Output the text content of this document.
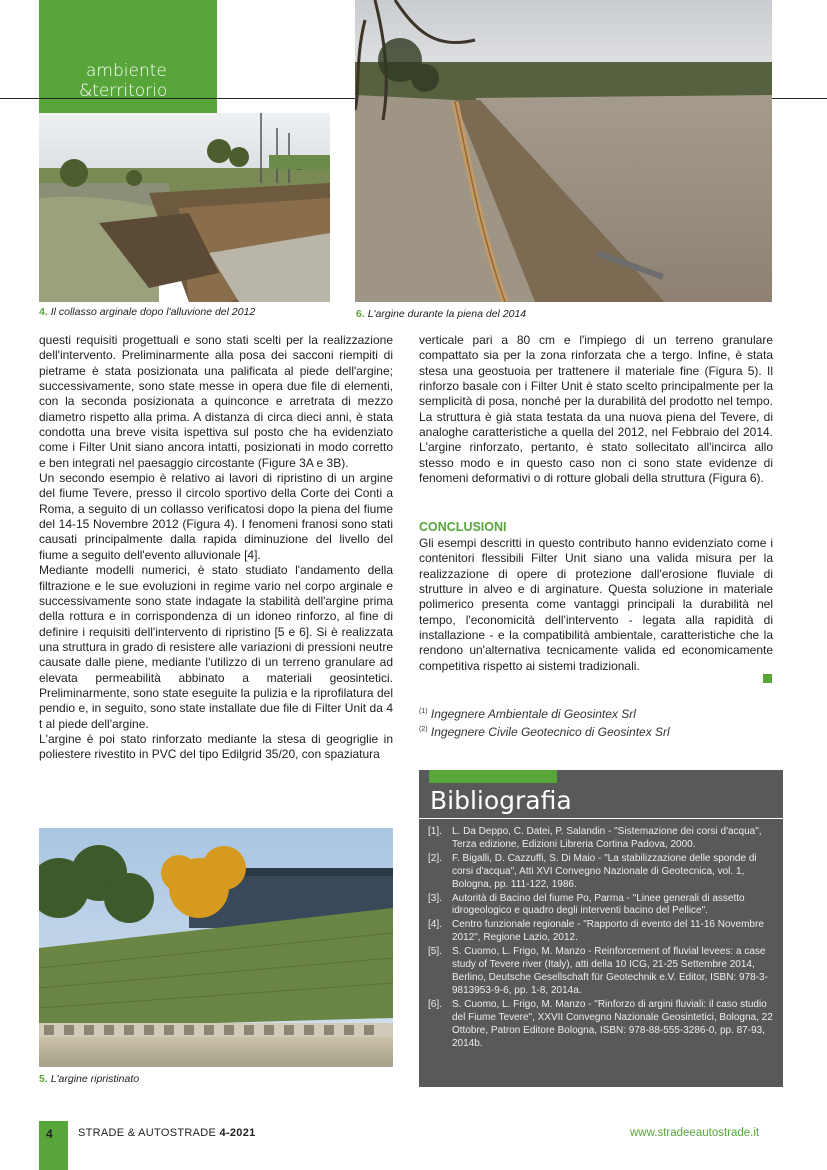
ambiente
&territorio
4. Il collasso arginale dopo l'alluvione del 2012	6. L'argine durante la piena del 2014

questi requisiti progettuali e sono stati scelti per la realizzazione dell'intervento. Preliminarmente alla posa dei sacconi riempiti di pietrame è stata posizionata una palificata al piede dell'argine; successivamente, sono state messe in opera due file di elementi, con la seconda posizionata a quinconce e arretrata di mezzo diametro rispetto alla prima. A distanza di circa dieci anni, è stata condotta una breve visita ispettiva sul posto che ha evidenziato come i Filter Unit siano ancora intatti, posizionati in modo corretto e ben integrati nel paesaggio circostante (Figure 3A e 3B).

Un secondo esempio è relativo ai lavori di ripristino di un argine del fiume Tevere, presso il circolo sportivo della Corte dei Conti a Roma, a seguito di un collasso verificatosi dopo la piena del fiume del 14-15 Novembre 2012 (Figura 4). I fenomeni franosi sono stati causati principalmente dalla rapida diminuzione del livello del fiume a seguito dell'evento alluvionale [4].

Mediante modelli numerici, è stato studiato l'andamento della filtrazione e le sue evoluzioni in regime vario nel corpo arginale e successivamente sono state indagate la stabilità dell'argine prima della rottura e in corrispondenza di un idoneo rinforzo, al fine di definire i requisiti dell'intervento di ripristino [5 e 6]. Si è realizzata una struttura in grado di resistere alle variazioni di pressioni neutre causate dalle piene, mediante l'utilizzo di un terreno granulare ad elevata permeabilità abbinato a materiali geosintetici. Preliminarmente, sono state eseguite la pulizia e la riprofilatura del pendio e, in seguito, sono state installate due file di Filter Unit da 4 t al piede dell'argine.

L'argine è poi stato rinforzato mediante la stesa di geogriglie in poliestere rivestito in PVC del tipo Edilgrid 35/20, con spaziatura

verticale pari a 80 cm e l'impiego di un terreno granulare compattato sia per la zona rinforzata che a tergo. Infine, è stata stesa una geostuoia per trattenere il materiale fine (Figura 5). Il rinforzo basale con i Filter Unit è stato scelto principalmente per la semplicità di posa, nonché per la durabilità del prodotto nel tempo. La struttura è già stata testata da una nuova piena del Tevere, di analoghe caratteristiche a quella del 2012, nel Febbraio del 2014. L'argine rinforzato, pertanto, è stato sollecitato all'incirca allo stesso modo e in questo caso non ci sono state evidenze di fenomeni deformativi o di rotture globali della struttura (Figura 6).

CONCLUSIONI

Gli esempi descritti in questo contributo hanno evidenziato come i contenitori flessibili Filter Unit siano una valida misura per la realizzazione di opere di protezione dall'erosione fluviale di strutture in alveo e di arginature. Questa soluzione in materiale polimerico presenta come vantaggi principali la durabilità nel tempo, l'economicità dell'intervento - legata alla rapidità di installazione - e la compatibilità ambientale, caratteristiche che la rendono un'alternativa tecnicamente valida ed economicamente competitiva rispetto ai sistemi tradizionali.

$^{(1)}$ Ingegnere Ambientale di Geosintex Srl
$^{(2)}$ Ingegnere Civile Geotecnico di Geosintex Srl
5. L'argine ripristinato
Bibliografia
[1].	L. Da Deppo, C. Datei, P. Salandin - "Sistemazione dei corsi d'acqua", Terza edizione, Edizioni Libreria Cortina Padova, 2000.
[2].	F. Bigalli, D. Cazzuffi, S. Di Maio - "La stabilizzazione delle sponde di corsi d'acqua", Atti XVI Convegno Nazionale di Geotecnica, vol. 1, Bologna, pp. 111-122, 1986.
[3].	Autorità di Bacino del fiume Po, Parma - "Linee generali di assetto idrogeologico e quadro degli interventi bacino del Pellice".
[4].	Centro funzionale regionale - "Rapporto di evento del 11-16 Novembre 2012", Regione Lazio, 2012.
[5].	S. Cuomo, L. Frigo, M. Manzo - Reinforcement of fluvial levees: a case study of Tevere river (Italy), atti della 10 ICG, 21-25 Settembre 2014, Berlino, Deutsche Gesellschaft für Geotechnik e.V. Editor, ISBN: 978-3-9813953-9-6, pp. 1-8, 2014a.
[6].	S. Cuomo, L. Frigo, M. Manzo - "Rinforzo di argini fluviali: il caso studio del Fiume Tevere", XXVII Convegno Nazionale Geosintetici, Bologna, 22 Ottobre, Patron Editore Bologna, ISBN: 978-88-555-3286-0, pp. 87-93, 2014b.
4 STRADE & AUTOSTRADE 4-2021	www.stradeeautostrade.it
